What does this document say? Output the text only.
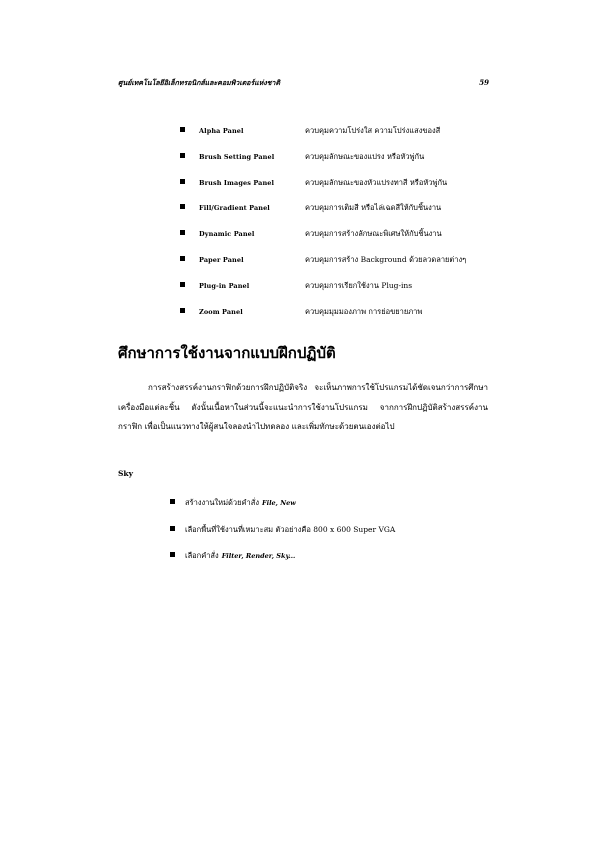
ศูนย์เทคโนโลยีอิเล็กทรอนิกส์และคอมพิวเตอร์แห่งชาติ	59
Alpha Panel	ควบคุมความโปร่งใส ความโปร่งแสงของสี
Brush Setting Panel	ควบคุมลักษณะของแปรง หรือหัวพู่กัน
Brush Images Panel	ควบคุมลักษณะของหัวแปรงทาสี หรือหัวพู่กัน
Fill/Gradient Panel	ควบคุมการเติมสี หรือไล่เฉดสีให้กับชิ้นงาน
Dynamic Panel	ควบคุมการสร้างลักษณะพิเศษให้กับชิ้นงาน
Paper Panel	ควบคุมการสร้าง Background ด้วยลวดลายต่างๆ
Plug-in Panel	ควบคุมการเรียกใช้งาน Plug-ins
Zoom Panel	ควบคุมมุมมองภาพ การย่อขยายภาพ
ศึกษาการใช้งานจากแบบฝึกปฏิบัติ
การสร้างสรรค์งานกราฟิกด้วยการฝึกปฏิบัติจริง จะเห็นภาพการใช้โปรแกรมได้ชัดเจนกว่าการศึกษาเครื่องมือแต่ละชิ้น ดังนั้นเนื้อหาในส่วนนี้จะแนะนำการใช้งานโปรแกรม จากการฝึกปฏิบัติสร้างสรรค์งานกราฟิก เพื่อเป็นแนวทางให้ผู้สนใจลองนำไปทดลอง และเพิ่มทักษะด้วยตนเองต่อไป
Sky
สร้างงานใหม่ด้วยคำสั่ง File, New
เลือกพื้นที่ใช้งานที่เหมาะสม ตัวอย่างคือ 800 x 600 Super VGA
เลือกคำสั่ง Filter, Render, Sky...
